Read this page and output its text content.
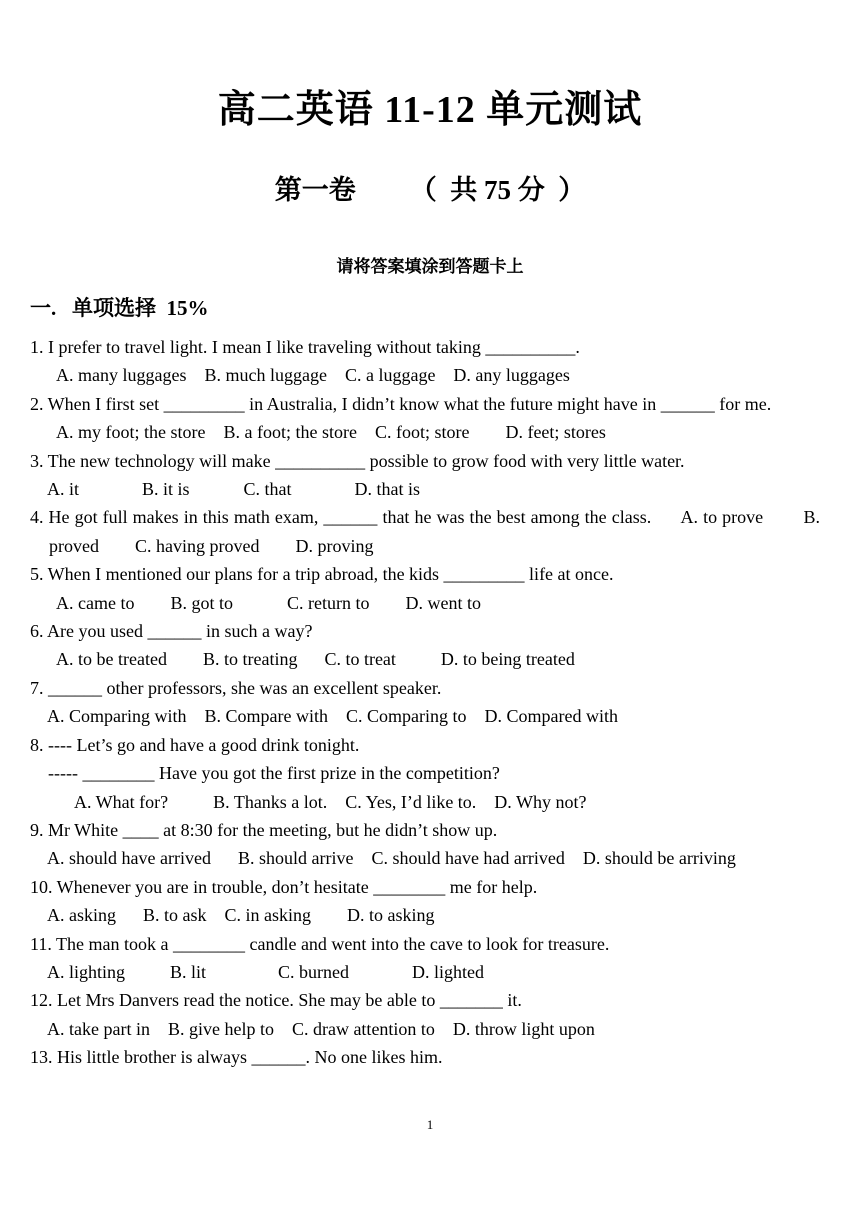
高二英语 11-12 单元测试
第一卷        （  共 75 分  ）
请将答案填涂到答题卡上
一.   单项选择  15%
1. I prefer to travel light. I mean I like traveling without taking __________.
A. many luggages    B. much luggage    C. a luggage    D. any luggages
2. When I first set _________ in Australia, I didn’t know what the future might have in ______ for me.
A. my foot; the store    B. a foot; the store    C. foot; store        D. feet; stores
3. The new technology will make __________ possible to grow food with very little water.
A. it              B. it is            C. that              D. that is
4. He got full makes in this math exam, ______ that he was the best among the class.      A. to prove        B. proved        C. having proved        D. proving
5. When I mentioned our plans for a trip abroad, the kids _________ life at once.
A. came to        B. got to            C. return to        D. went to
6. Are you used ______ in such a way?
A. to be treated        B. to treating      C. to treat          D. to being treated
7. ______ other professors, she was an excellent speaker.
A. Comparing with    B. Compare with    C. Comparing to    D. Compared with
8. ---- Let’s go and have a good drink tonight.
----- ________ Have you got the first prize in the competition?
A. What for?          B. Thanks a lot.    C. Yes, I’d like to.    D. Why not?
9. Mr White ____ at 8:30 for the meeting, but he didn’t show up.
A. should have arrived      B. should arrive    C. should have had arrived    D. should be arriving
10. Whenever you are in trouble, don’t hesitate ________ me for help.
A. asking      B. to ask    C. in asking        D. to asking
11. The man took a ________ candle and went into the cave to look for treasure.
A. lighting          B. lit                C. burned              D. lighted
12. Let Mrs Danvers read the notice. She may be able to _______ it.
A. take part in    B. give help to    C. draw attention to    D. throw light upon
13. His little brother is always ______. No one likes him.
1
